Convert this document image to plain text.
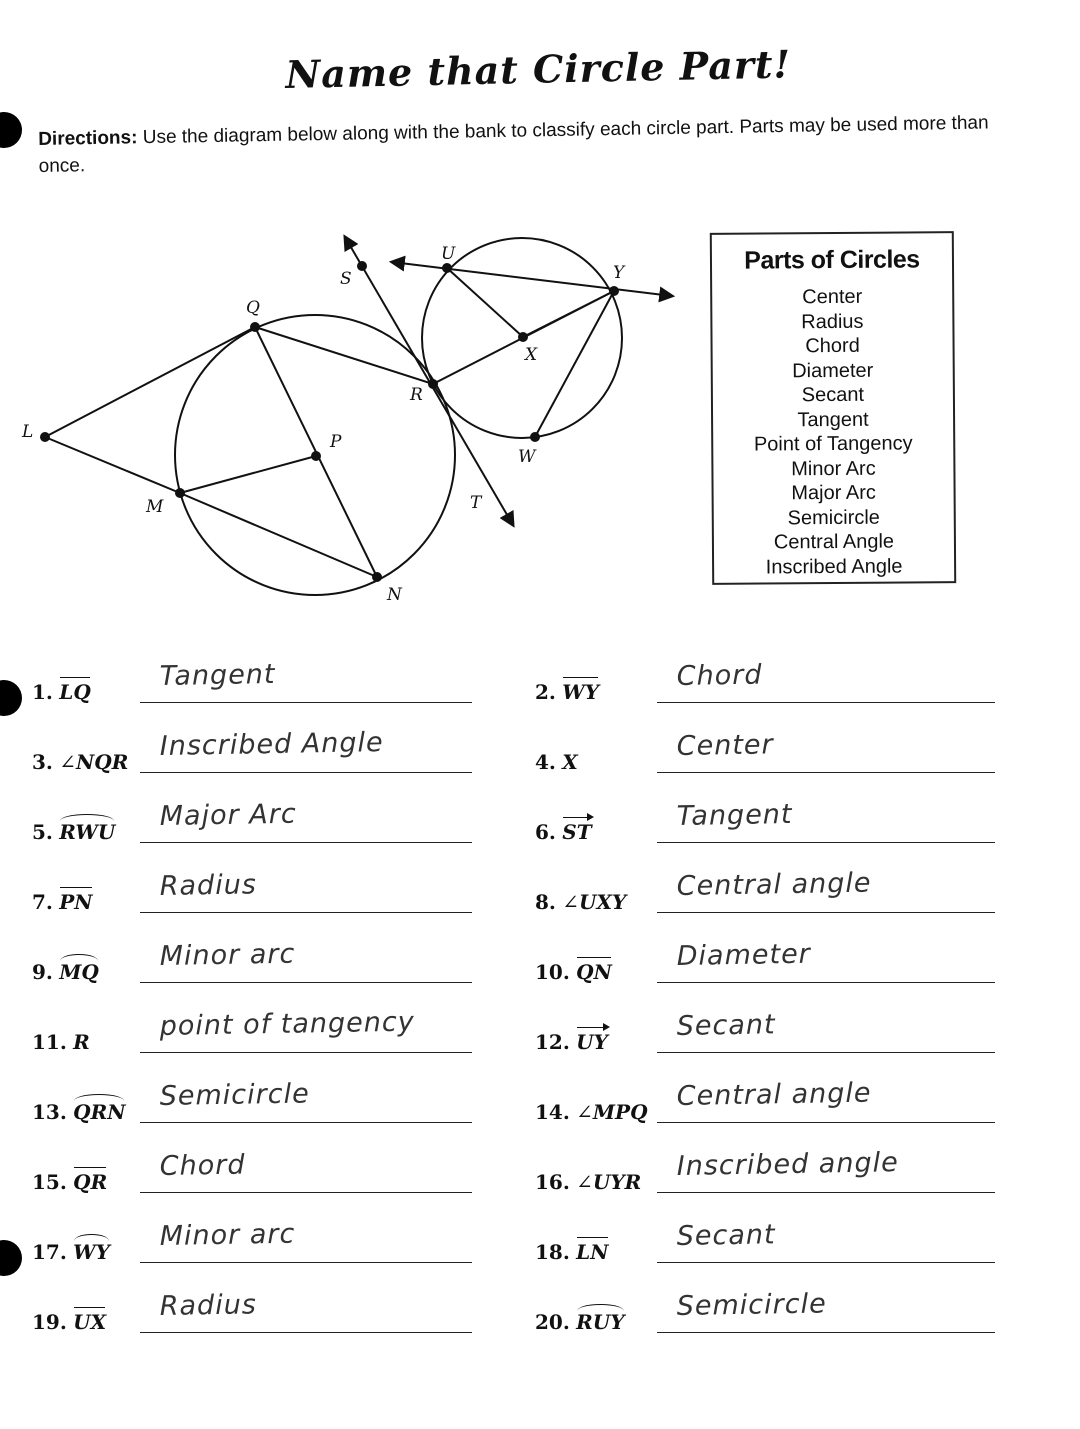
Name that Circle Part!
Directions: Use the diagram below along with the bank to classify each circle part. Parts may be used more than once.
L
Q
M
P
N
R
S
T
U
X
W
Y	Parts of Circles
Center
Radius
Chord
Diameter
Secant
Tangent
Point of Tangency
Minor Arc
Major Arc
Semicircle
Central Angle
Inscribed Angle
1. LQ	Tangent	2. WY	Chord
3. ∠NQR Inscribed Angle	4. X	Center
5. RWU Major Arc	6. ST	Tangent
7. PN Radius	8. ∠UXY Central angle
9. MQ Minor arc	10. QN Diameter
11. R	point of tangency	12. UY	Secant
13. QRN Semicircle	14. ∠MPQ Central angle
15. QR Chord	16. ∠UYR Inscribed angle
17. WY Minor arc	18. LN	Secant
19. UX Radius	20. RUY Semicircle
